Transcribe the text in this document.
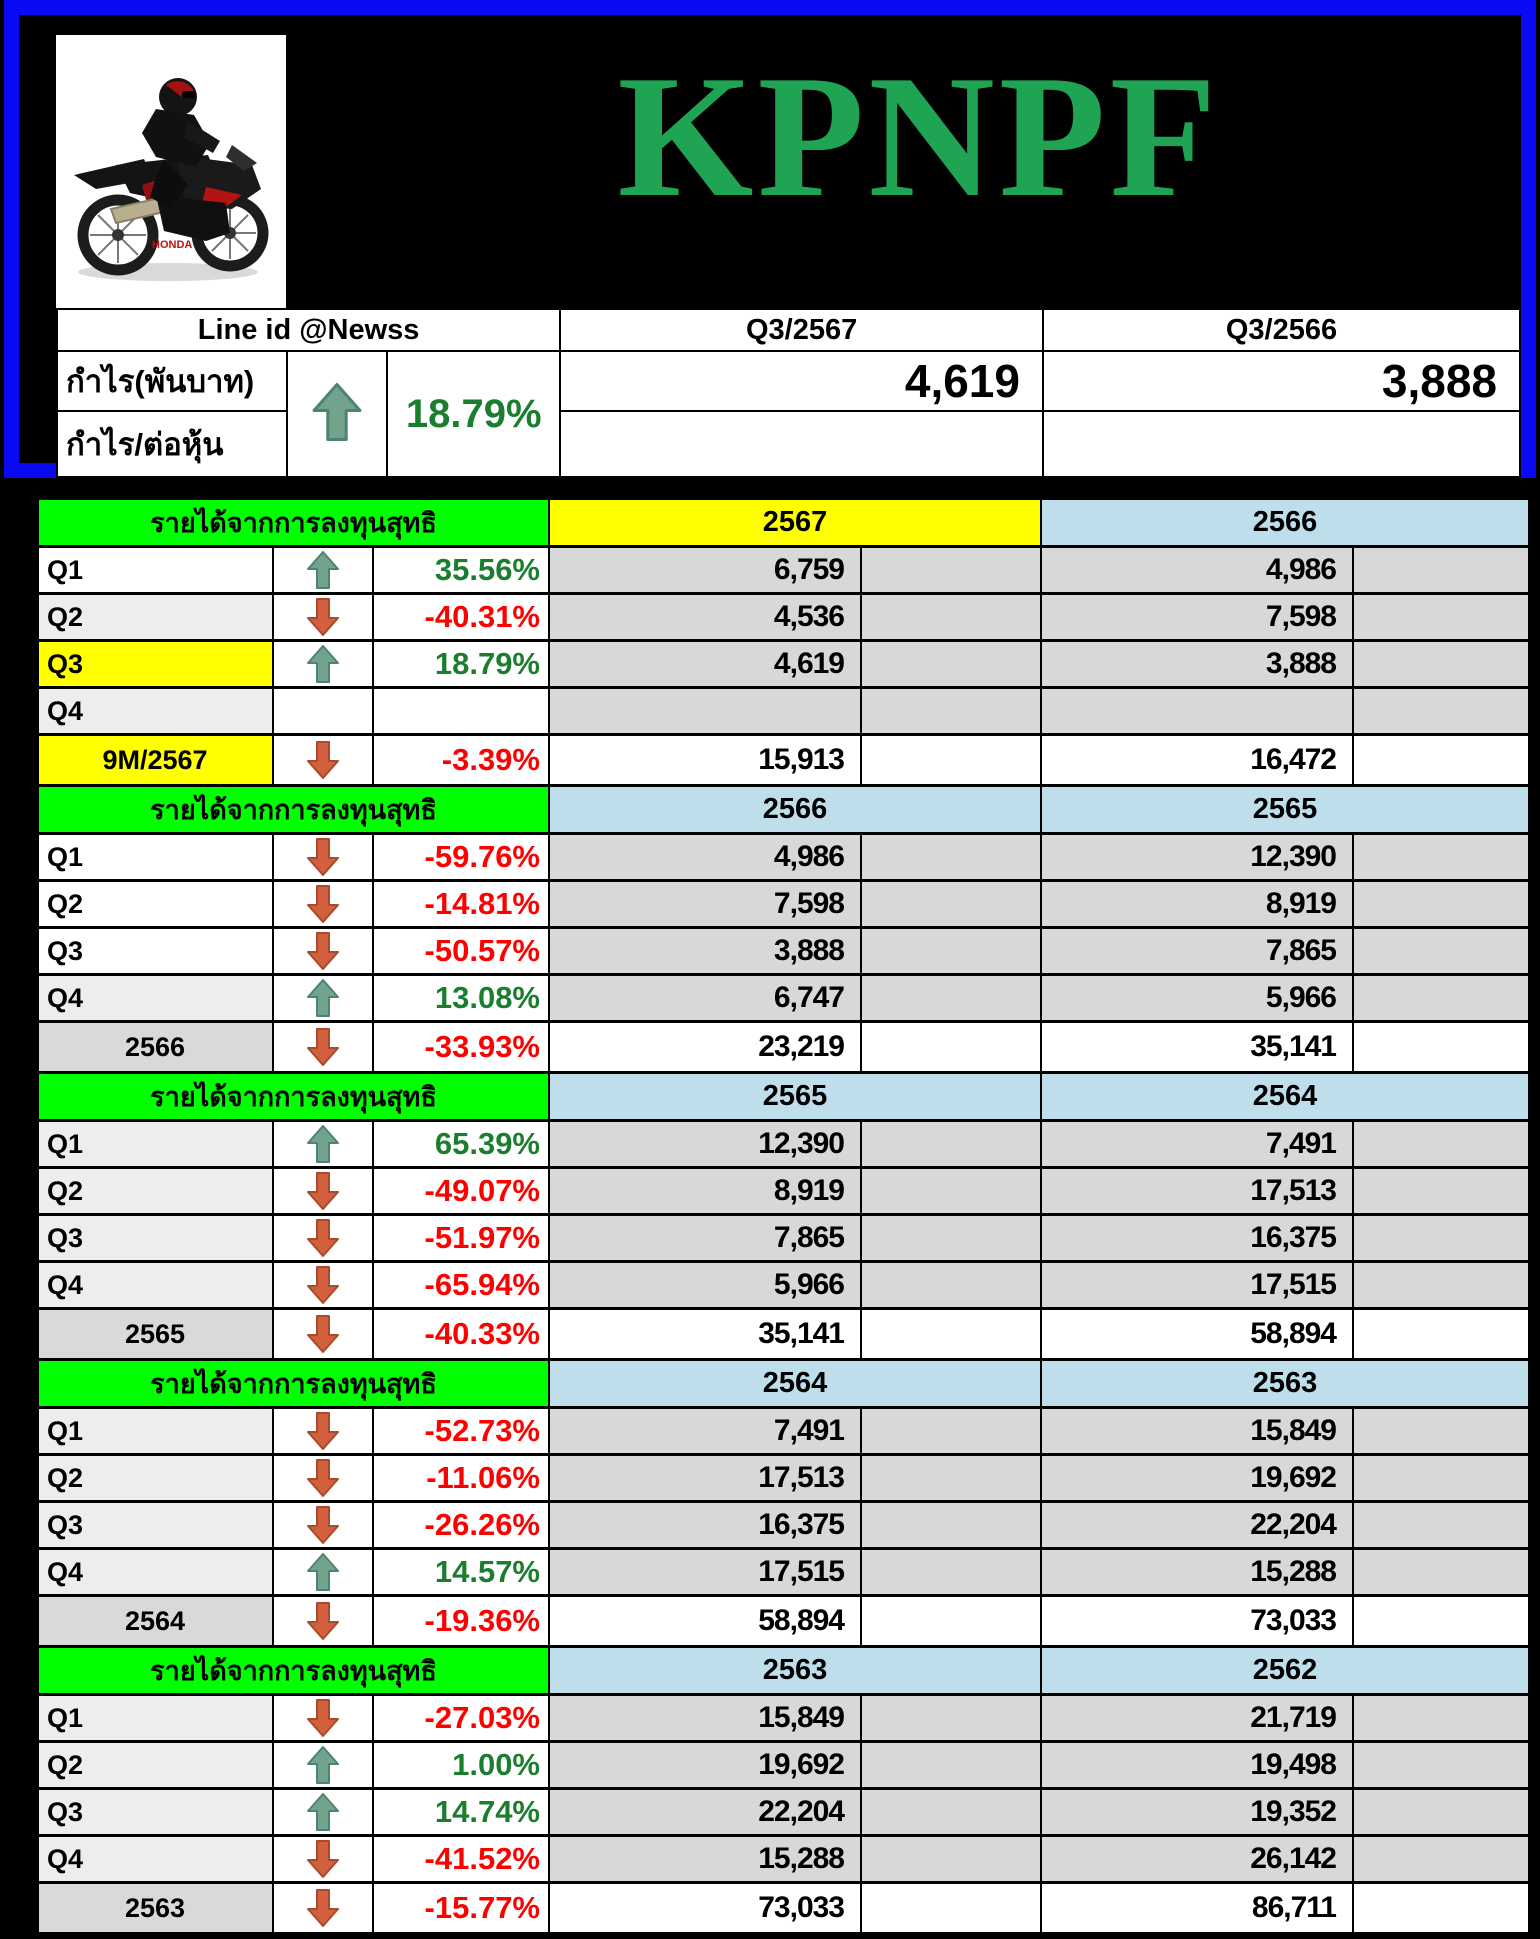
HONDA
KPNPF
Line id @Newss			Q3/2567	Q3/2566
กำไร(พันบาท)		18.79%	4,619	3,888
กำไร/ต่อหุ้น				
รายได้จากการลงทุนสุทธิ			2567		2566	
Q1		35.56%	6,759		4,986	
Q2		-40.31%	4,536		7,598	
Q3		18.79%	4,619		3,888	
Q4						
9M/2567		-3.39%	15,913		16,472	
รายได้จากการลงทุนสุทธิ			2566		2565	
Q1		-59.76%	4,986		12,390	
Q2		-14.81%	7,598		8,919	
Q3		-50.57%	3,888		7,865	
Q4		13.08%	6,747		5,966	
2566		-33.93%	23,219		35,141	
รายได้จากการลงทุนสุทธิ			2565		2564	
Q1		65.39%	12,390		7,491	
Q2		-49.07%	8,919		17,513	
Q3		-51.97%	7,865		16,375	
Q4		-65.94%	5,966		17,515	
2565		-40.33%	35,141		58,894	
รายได้จากการลงทุนสุทธิ			2564		2563	
Q1		-52.73%	7,491		15,849	
Q2		-11.06%	17,513		19,692	
Q3		-26.26%	16,375		22,204	
Q4		14.57%	17,515		15,288	
2564		-19.36%	58,894		73,033	
รายได้จากการลงทุนสุทธิ			2563		2562	
Q1		-27.03%	15,849		21,719	
Q2		1.00%	19,692		19,498	
Q3		14.74%	22,204		19,352	
Q4		-41.52%	15,288		26,142	
2563		-15.77%	73,033		86,711	
